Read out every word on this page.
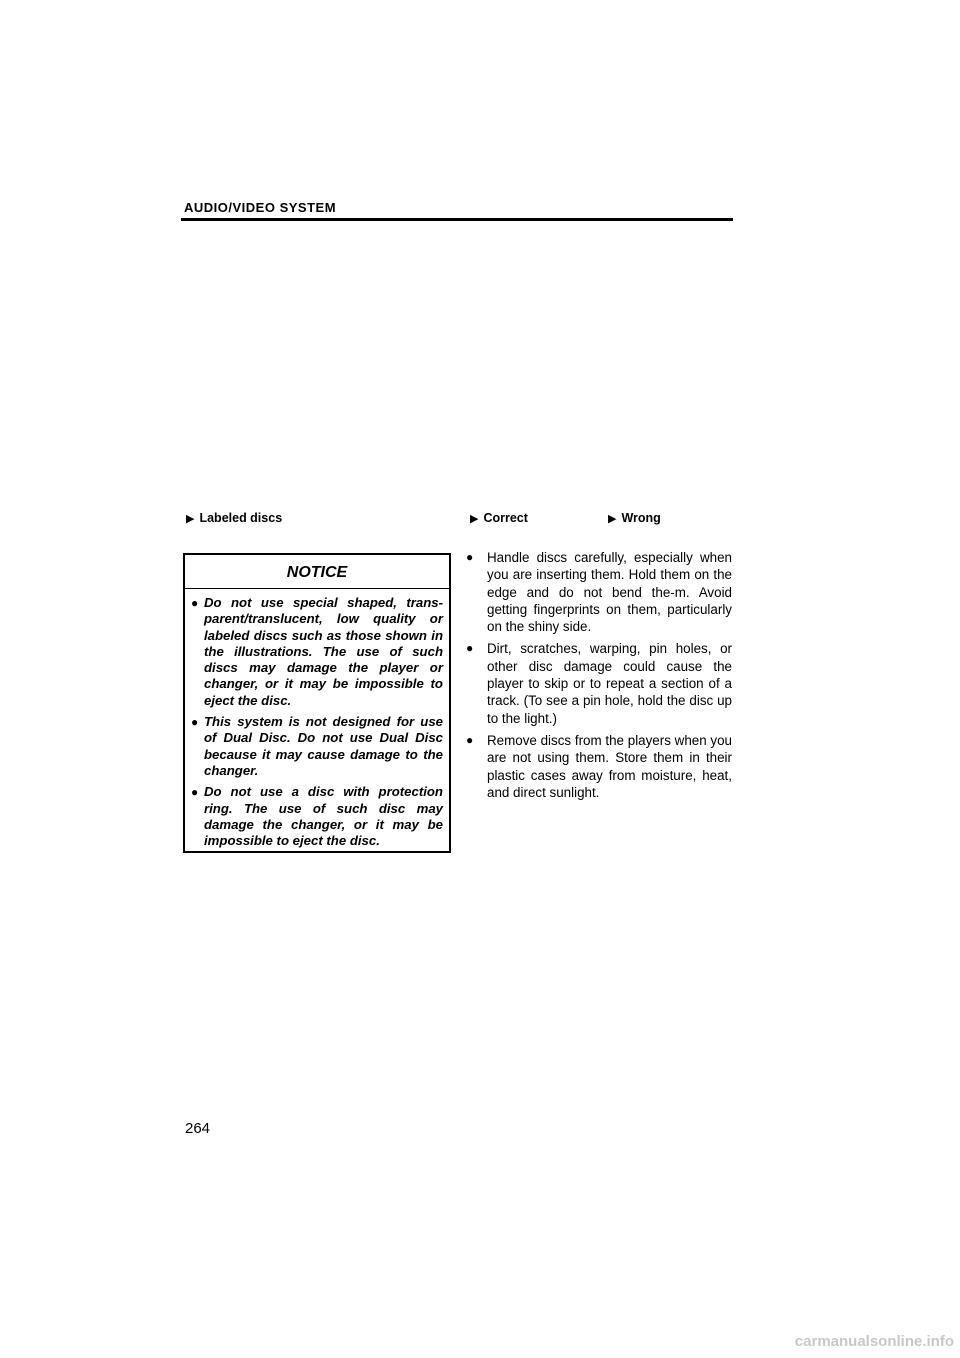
AUDIO/VIDEO SYSTEM
▶ Labeled discs	▶ Correct	▶ Wrong
NOTICE
● Do not use special shaped, trans-parent/translucent, low quality or labeled discs such as those shown in the illustrations. The use of such discs may damage the player or changer, or it may be impossible to eject the disc.
● This system is not designed for use of Dual Disc. Do not use Dual Disc because it may cause damage to the changer.
● Do not use a disc with protection ring. The use of such disc may damage the changer, or it may be impossible to eject the disc.
● Handle discs carefully, especially when you are inserting them. Hold them on the edge and do not bend the-m. Avoid getting fingerprints on them, particularly on the shiny side.
● Dirt, scratches, warping, pin holes, or other disc damage could cause the player to skip or to repeat a section of a track. (To see a pin hole, hold the disc up to the light.)
● Remove discs from the players when you are not using them. Store them in their plastic cases away from moisture, heat, and direct sunlight.
264
carmanualsonline.info
